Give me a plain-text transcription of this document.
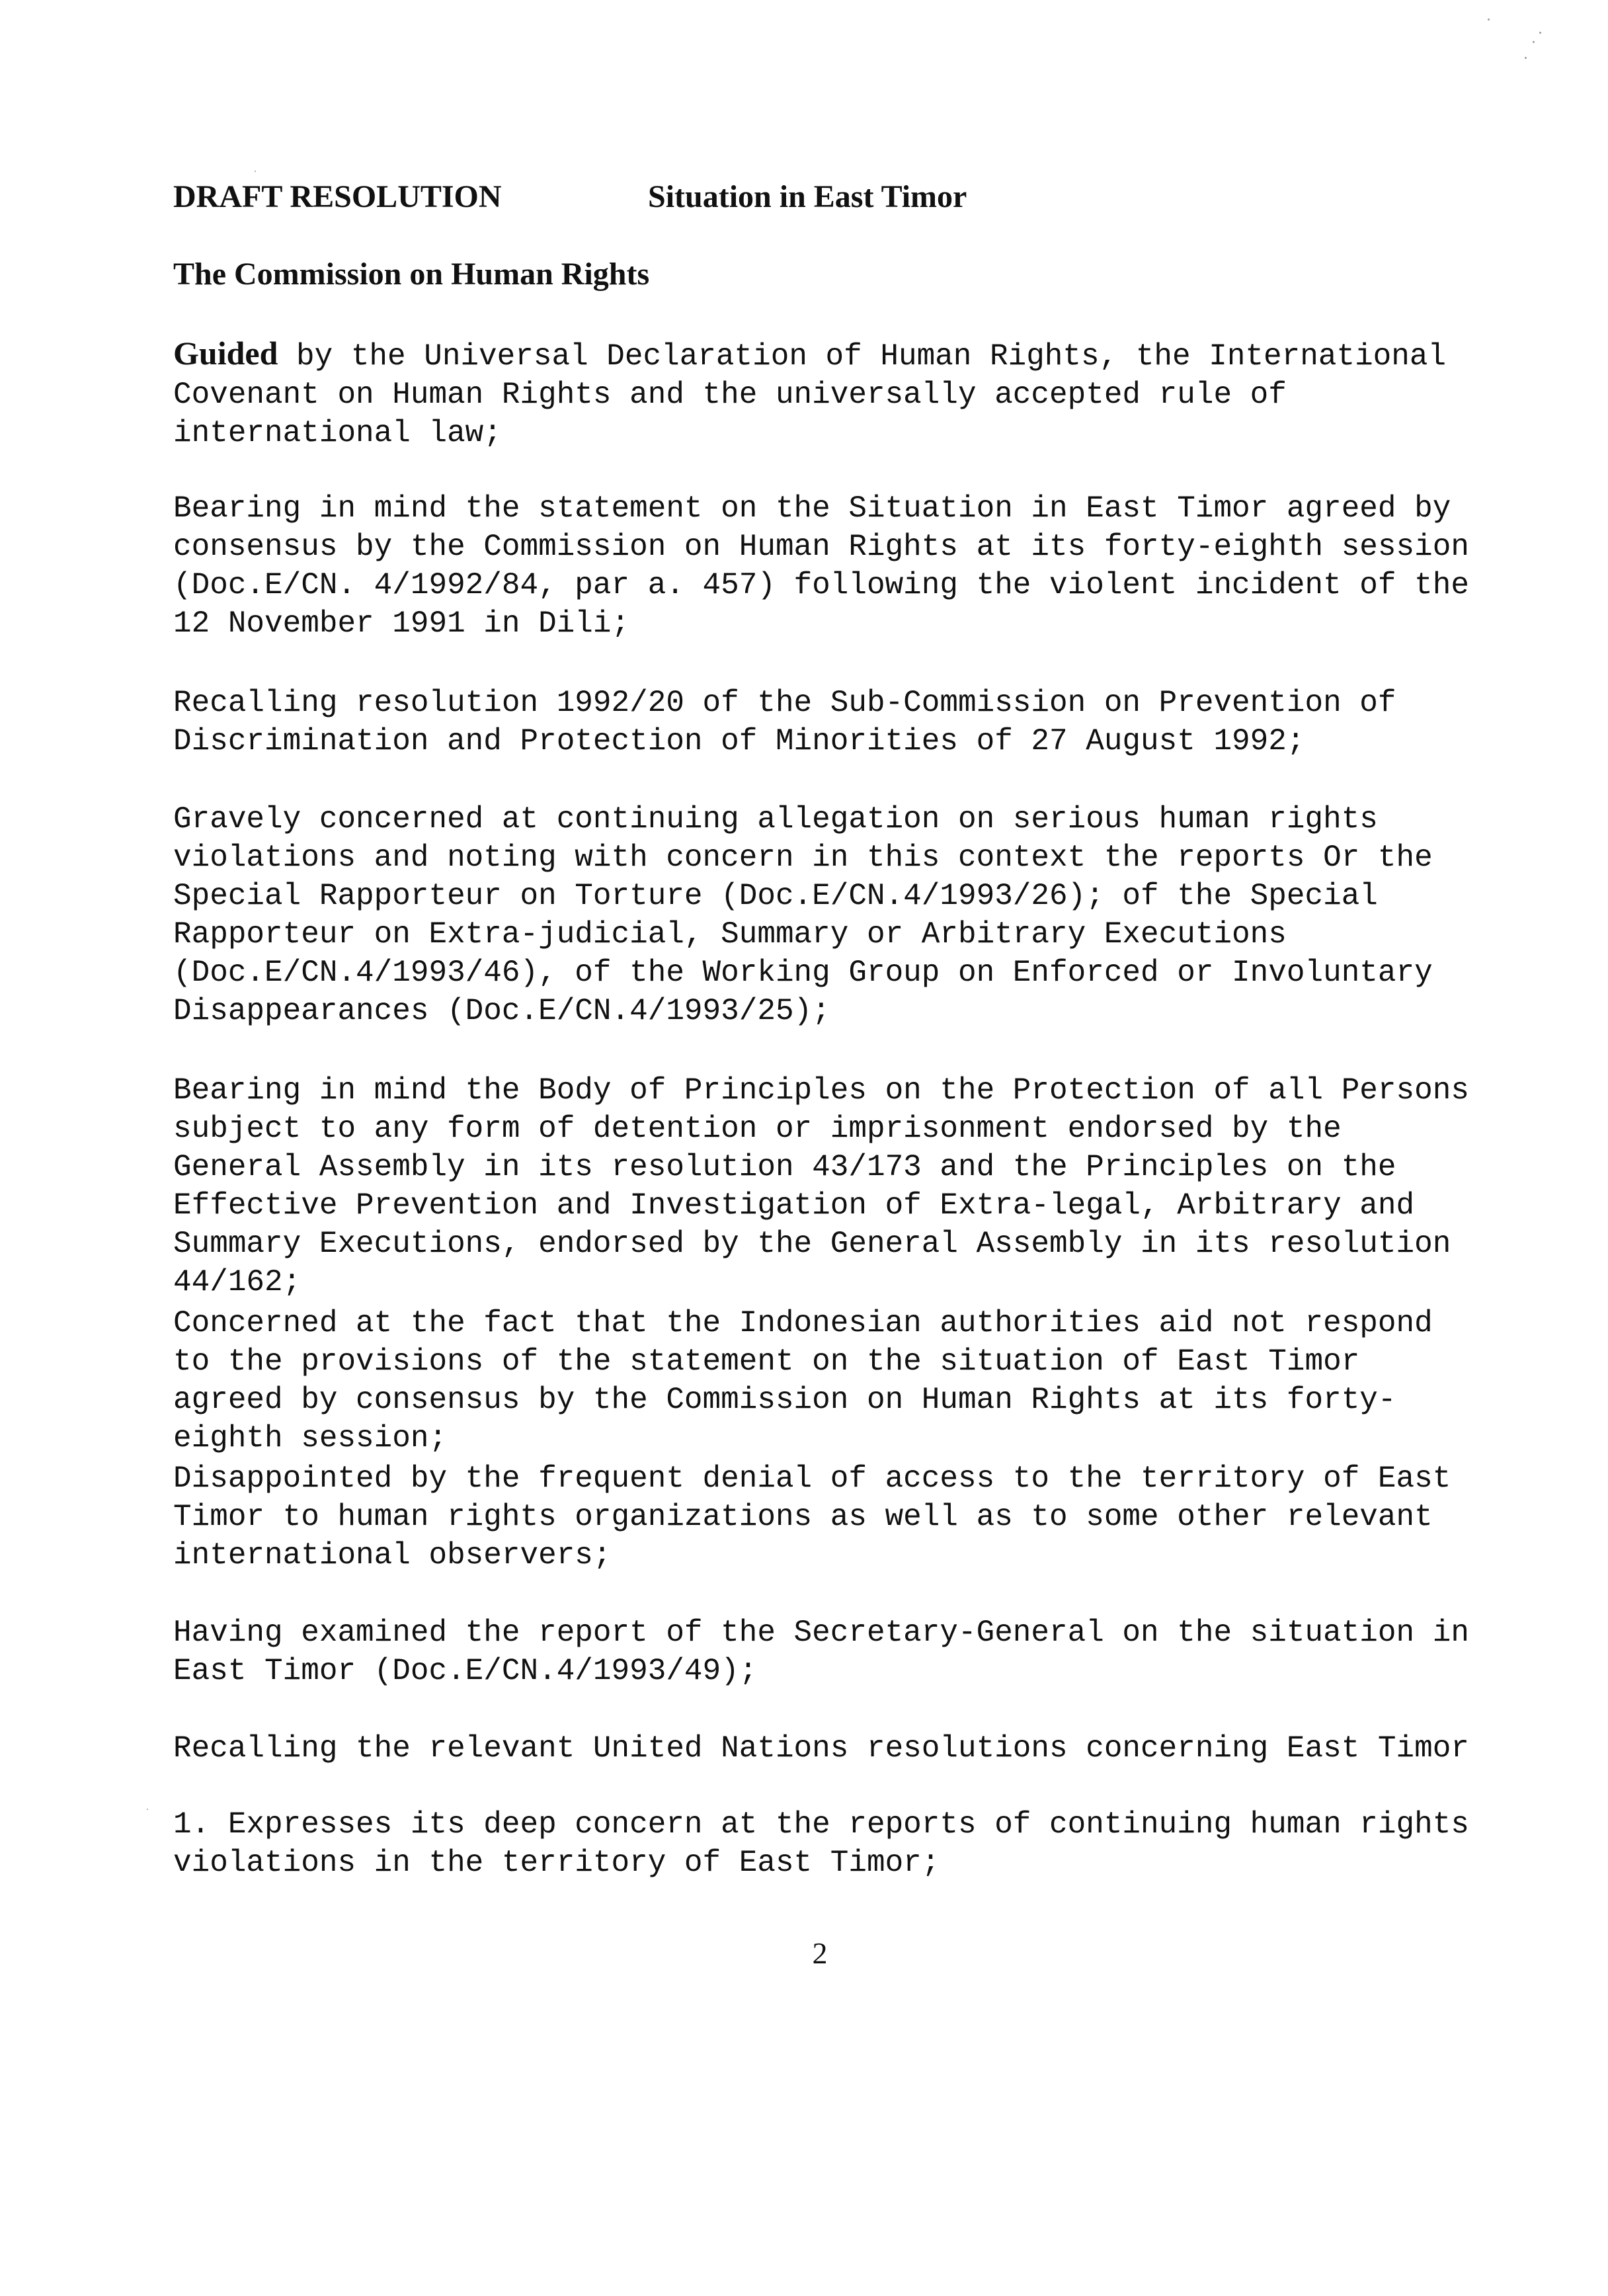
DRAFT RESOLUTION	Situation in East Timor
The Commission on Human Rights

Guided by the Universal Declaration of Human Rights, the International Covenant on Human Rights and the universally accepted rule of international law;

Bearing in mind the statement on the Situation in East Timor agreed by consensus by the Commission on Human Rights at its forty-eighth session (Doc.E/CN. 4/1992/84, par a. 457) following the violent incident of the 12 November 1991 in Dili;

Recalling resolution 1992/20 of the Sub-Commission on Prevention of Discrimination and Protection of Minorities of 27 August 1992;

Gravely concerned at continuing allegation on serious human rights violations and noting with concern in this context the reports Or the Special Rapporteur on Torture (Doc.E/CN.4/1993/26); of the Special Rapporteur on Extra-judicial, Summary or Arbitrary Executions (Doc.E/CN.4/1993/46), of the Working Group on Enforced or Involuntary Disappearances (Doc.E/CN.4/1993/25);

Bearing in mind the Body of Principles on the Protection of all Persons subject to any form of detention or imprisonment endorsed by the General Assembly in its resolution 43/173 and the Principles on the Effective Prevention and Investigation of Extra-legal, Arbitrary and Summary Executions, endorsed by the General Assembly in its resolution 44/162;

Concerned at the fact that the Indonesian authorities aid not respond to the provisions of the statement on the situation of East Timor agreed by consensus by the Commission on Human Rights at its forty-eighth session;

Disappointed by the frequent denial of access to the territory of East Timor to human rights organizations as well as to some other relevant international observers;

Having examined the report of the Secretary-General on the situation in East Timor (Doc.E/CN.4/1993/49);

Recalling the relevant United Nations resolutions concerning East Timor

1. Expresses its deep concern at the reports of continuing human rights violations in the territory of East Timor;

2
